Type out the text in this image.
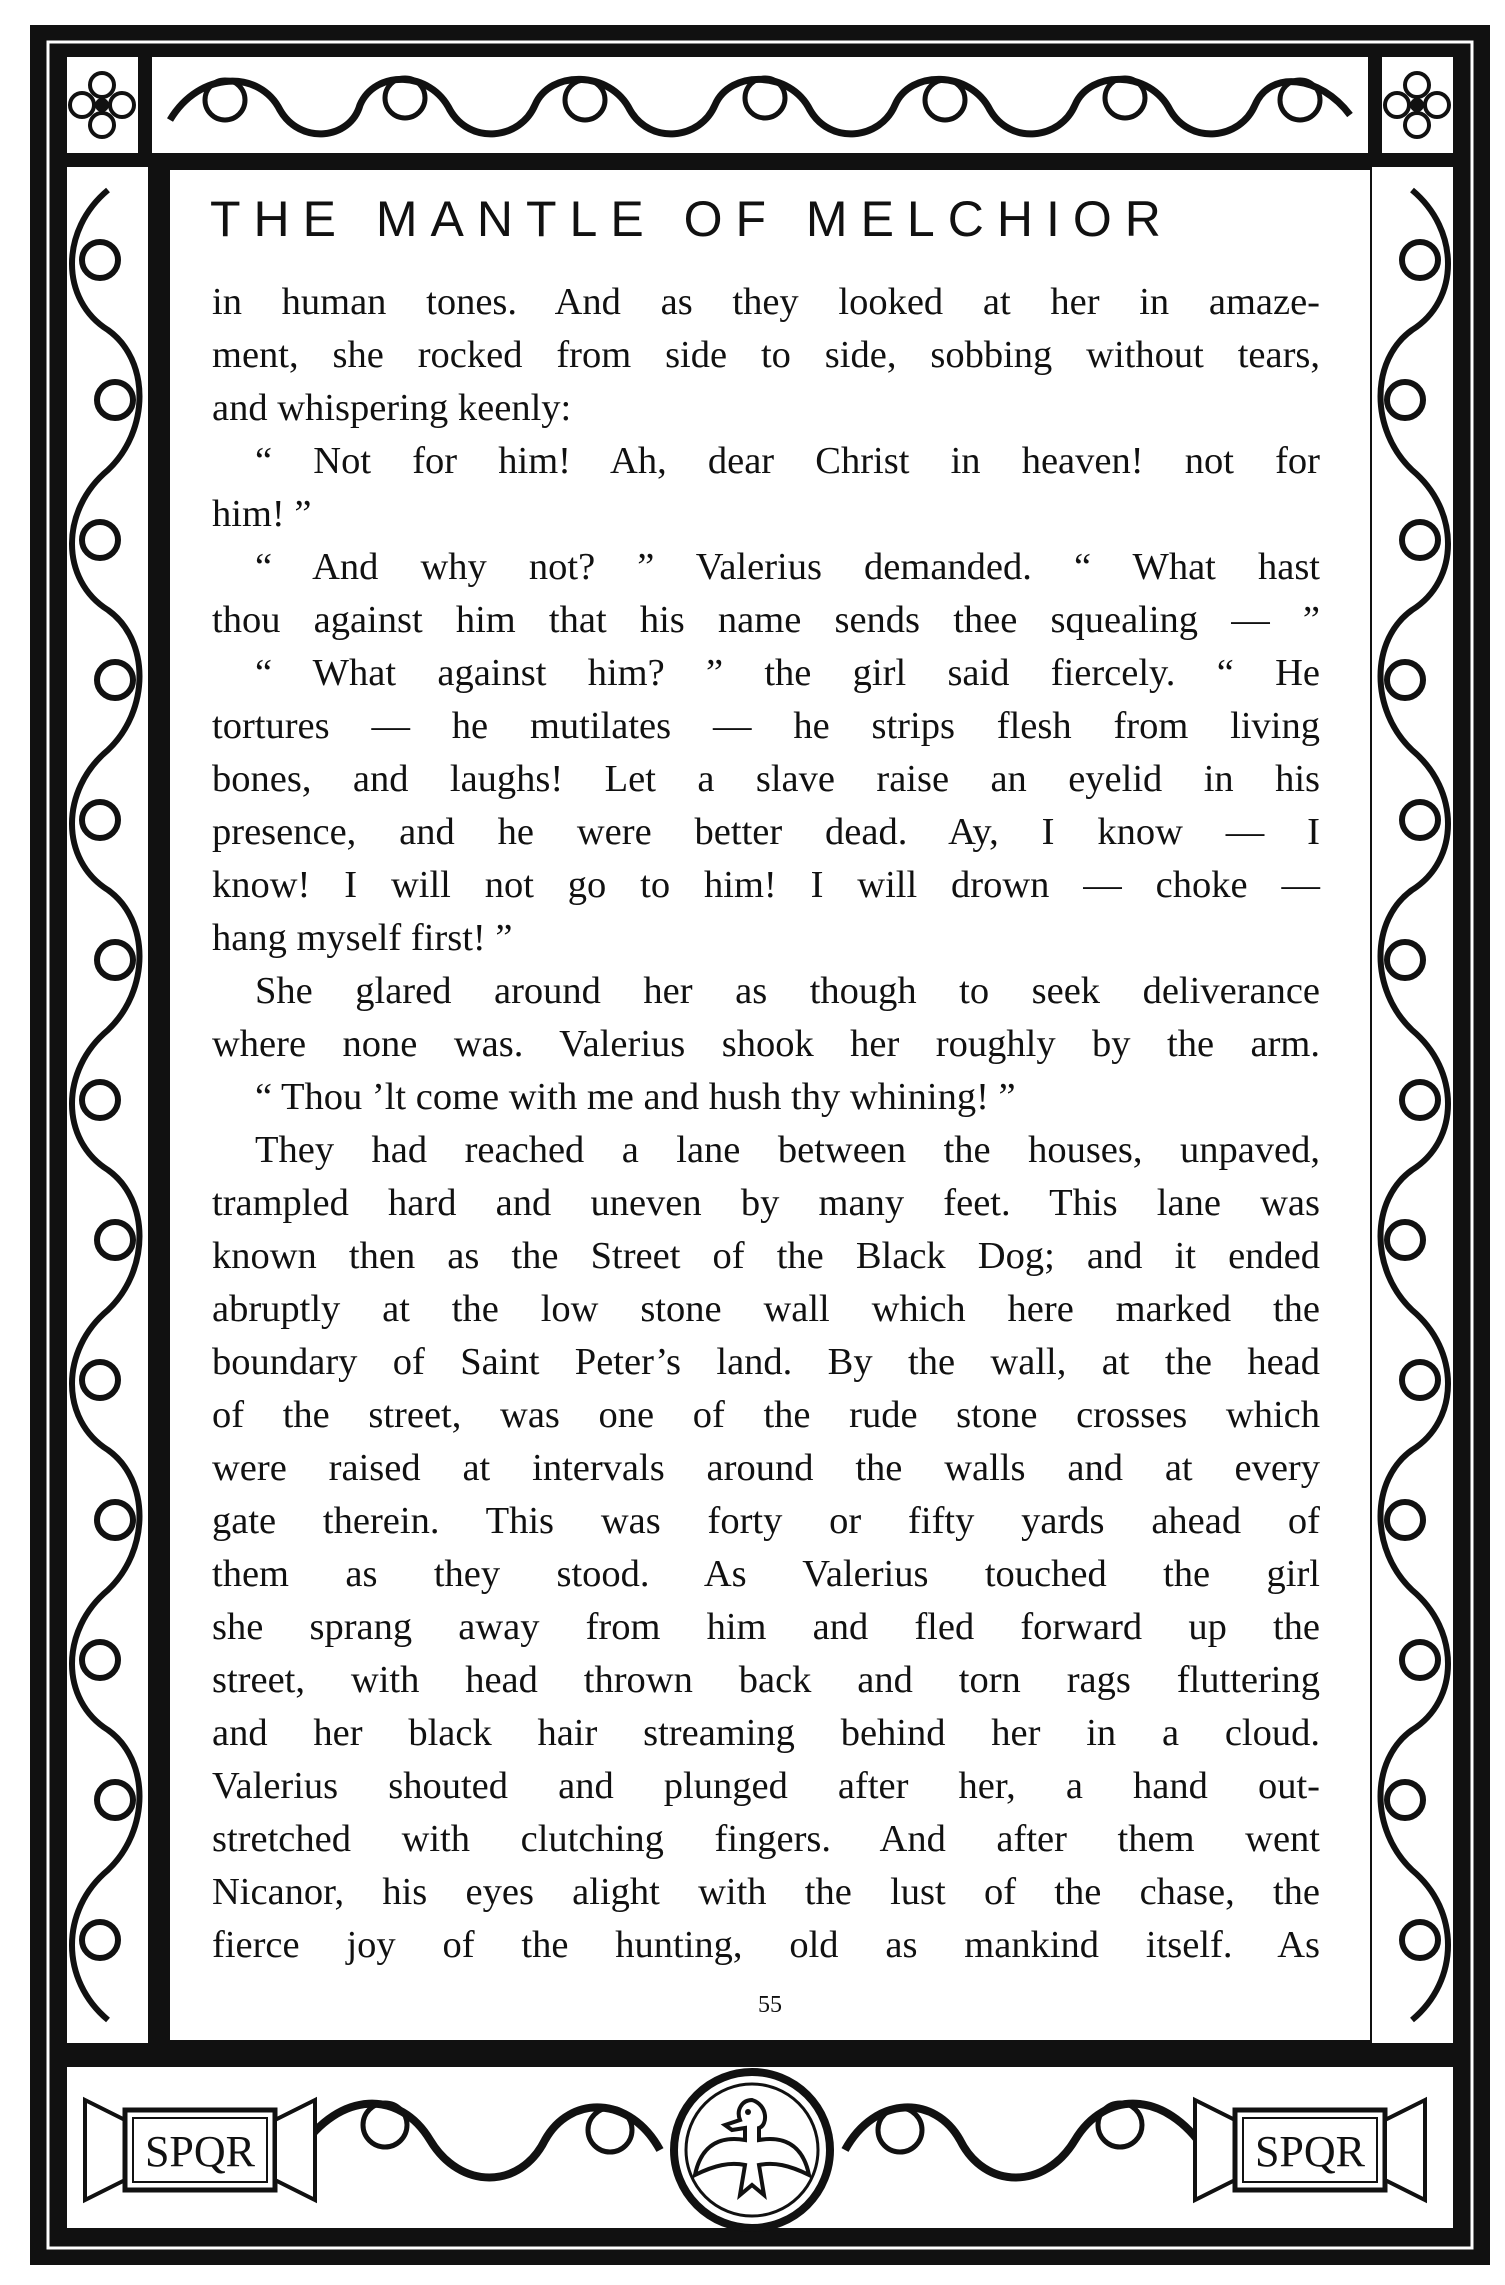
SPQR	SPQR
THE MANTLE OF MELCHIOR
in human tones. And as they looked at her in amaze-
ment, she rocked from side to side, sobbing without tears,
and whispering keenly:
“ Not for him! Ah, dear Christ in heaven! not for
him! ”
“ And why not? ” Valerius demanded. “ What hast
thou against him that his name sends thee squealing — ”
“ What against him? ” the girl said fiercely. “ He
tortures — he mutilates — he strips flesh from living
bones, and laughs! Let a slave raise an eyelid in his
presence, and he were better dead. Ay, I know — I
know! I will not go to him! I will drown — choke —
hang myself first! ”
She glared around her as though to seek deliverance
where none was. Valerius shook her roughly by the arm.
“ Thou ’lt come with me and hush thy whining! ”
They had reached a lane between the houses, unpaved,
trampled hard and uneven by many feet. This lane was
known then as the Street of the Black Dog; and it ended
abruptly at the low stone wall which here marked the
boundary of Saint Peter’s land. By the wall, at the head
of the street, was one of the rude stone crosses which
were raised at intervals around the walls and at every
gate therein. This was forty or fifty yards ahead of
them as they stood. As Valerius touched the girl
she sprang away from him and fled forward up the
street, with head thrown back and torn rags fluttering
and her black hair streaming behind her in a cloud.
Valerius shouted and plunged after her, a hand out-
stretched with clutching fingers. And after them went
Nicanor, his eyes alight with the lust of the chase, the
fierce joy of the hunting, old as mankind itself. As
55
